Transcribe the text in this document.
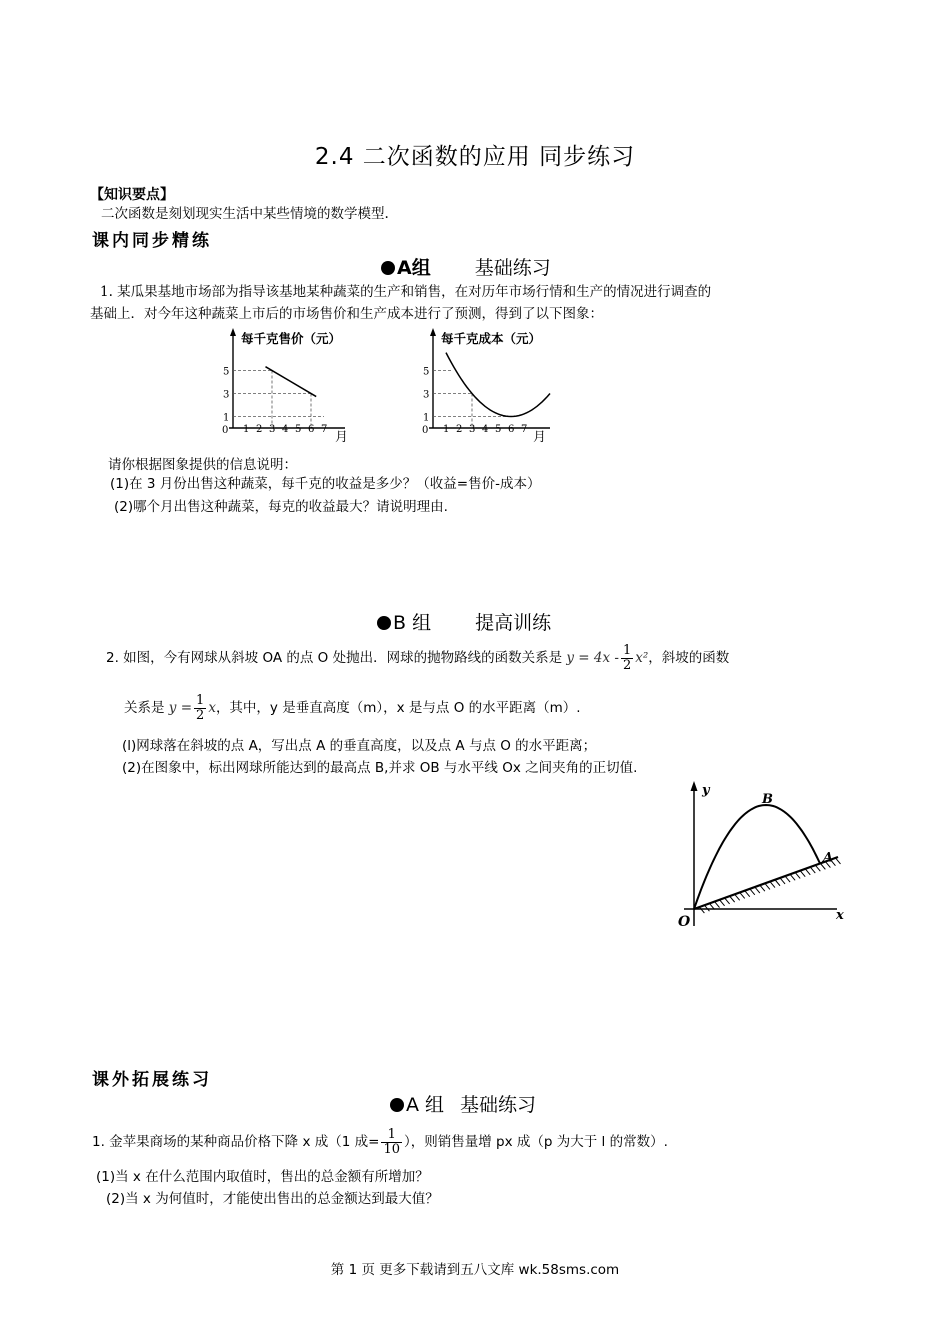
2.4 二次函数的应用 同步练习
【知识要点】
二次函数是刻划现实生活中某些情境的数学模型.
课内同步精练
A组 基础练习
1. 某瓜果基地市场部为指导该基地某种蔬菜的生产和销售，在对历年市场行情和生产的情况进行调查的
基础上．对今年这种蔬菜上市后的市场售价和生产成本进行了预测，得到了以下图象：
1 2 3 4 5 6 7
1
3
5
每千克售价（元）
月
0	1 2 3 4 5 6 7
1
3
5
每千克成本（元）
月
0
请你根据图象提供的信息说明：
(1)在 3 月份出售这种蔬菜，每千克的收益是多少？（收益=售价-成本）
(2)哪个月出售这种蔬菜，每克的收益最大？请说明理由.
B 组 提高训练
2. 如图，今有网球从斜坡 OA 的点 O 处抛出．网球的抛物路线的函数关系是 $y = 4x - \frac{1}{2} x^2$，斜坡的函数
关系是 $y = \frac{1}{2}$ x，其中，y 是垂直高度（m），x 是与点 O 的水平距离（m）.
(l)网球落在斜坡的点 A，写出点 A 的垂直高度，以及点 A 与点 O 的水平距离；
(2)在图象中，标出网球所能达到的最高点 B,并求 OB 与水平线 Ox 之间夹角的正切值.
y
x
O
B
A
课外拓展练习
A 组 基础练习
1. 金苹果商场的某种商品价格下降 x 成（1 成= $\frac{1}{10}$ ），则销售量增 px 成（p 为大于 l 的常数）.
(1)当 x 在什么范围内取值时，售出的总金额有所增加？
(2)当 x 为何值时，才能使出售出的总金额达到最大值？
第 1 页 更多下载请到五八文库 wk.58sms.com
